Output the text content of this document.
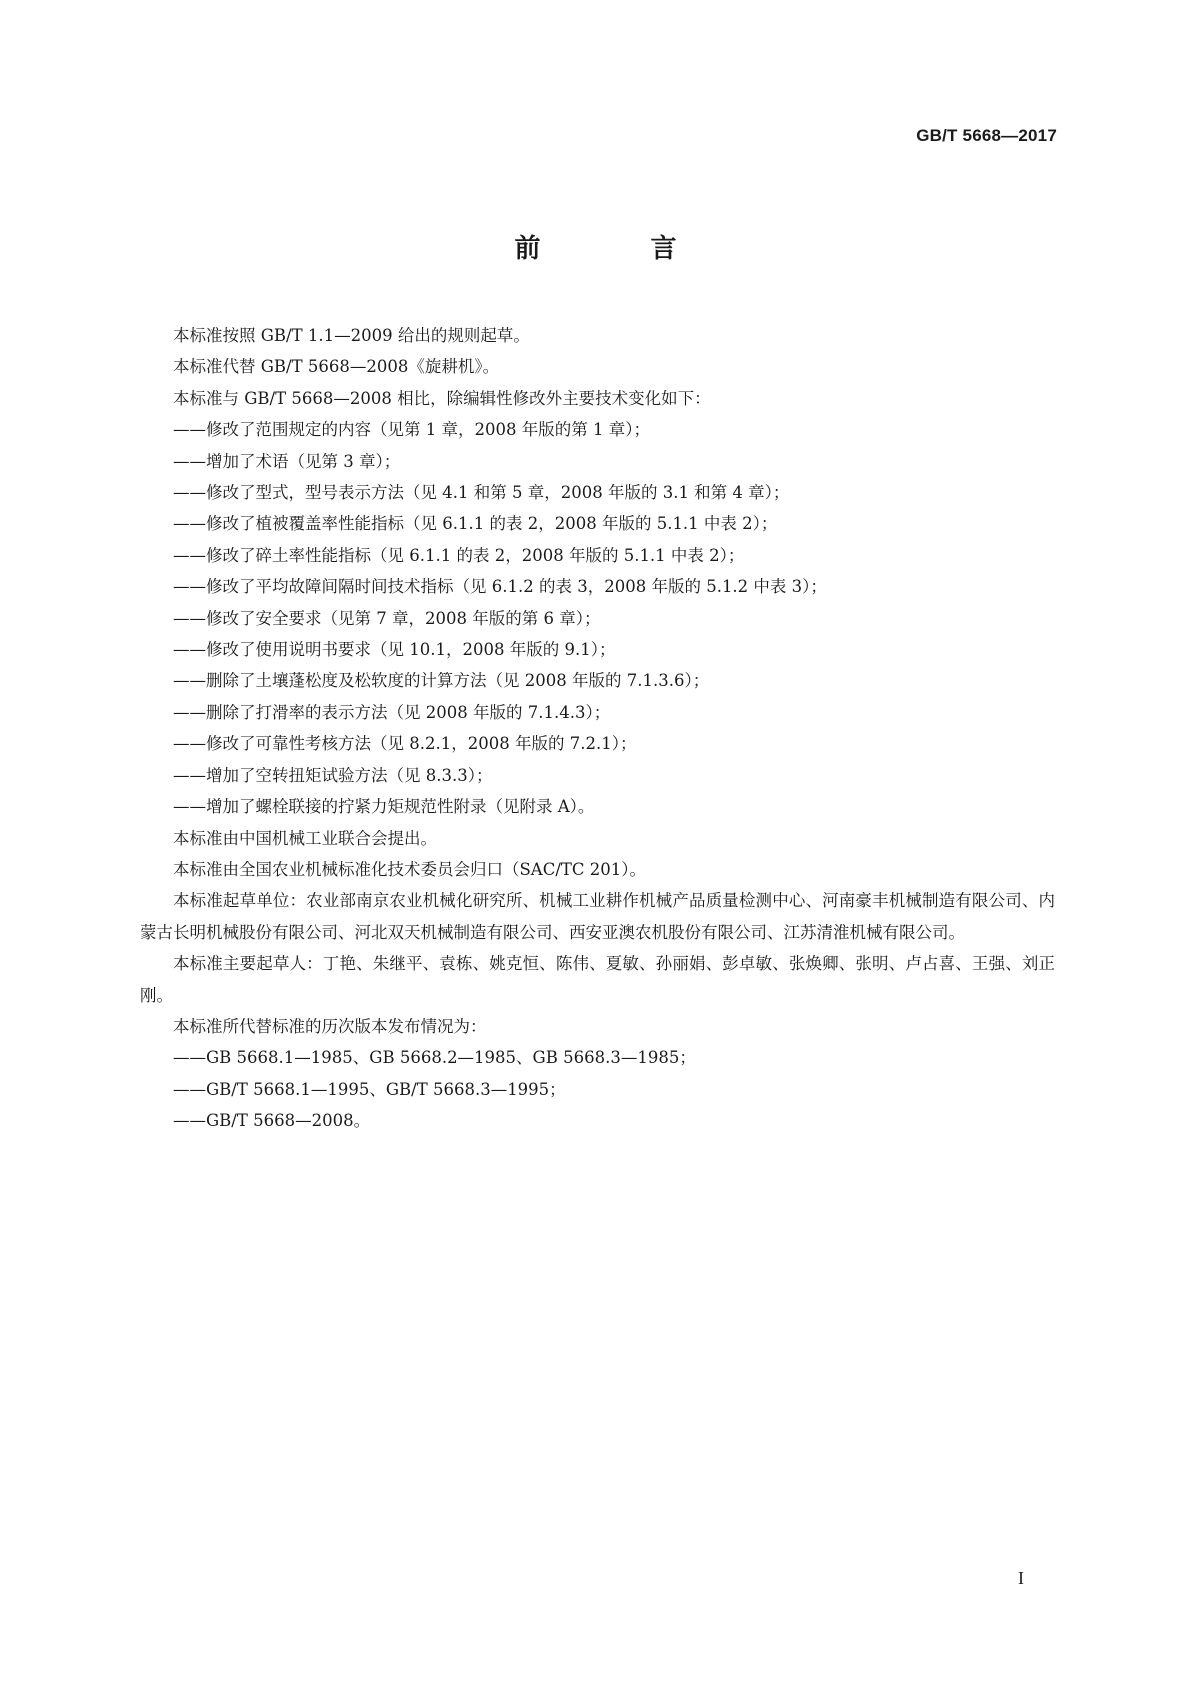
GB/T 5668—2017
前　言

本标准按照 GB/T 1.1—2009 给出的规则起草。

本标准代替 GB/T 5668—2008《旋耕机》。

本标准与 GB/T 5668—2008 相比，除编辑性修改外主要技术变化如下：

——修改了范围规定的内容（见第 1 章，2008 年版的第 1 章）；

——增加了术语（见第 3 章）；

——修改了型式，型号表示方法（见 4.1 和第 5 章，2008 年版的 3.1 和第 4 章）；

——修改了植被覆盖率性能指标（见 6.1.1 的表 2，2008 年版的 5.1.1 中表 2）；

——修改了碎土率性能指标（见 6.1.1 的表 2，2008 年版的 5.1.1 中表 2）；

——修改了平均故障间隔时间技术指标（见 6.1.2 的表 3，2008 年版的 5.1.2 中表 3）；

——修改了安全要求（见第 7 章，2008 年版的第 6 章）；

——修改了使用说明书要求（见 10.1，2008 年版的 9.1）；

——删除了土壤蓬松度及松软度的计算方法（见 2008 年版的 7.1.3.6）；

——删除了打滑率的表示方法（见 2008 年版的 7.1.4.3）；

——修改了可靠性考核方法（见 8.2.1，2008 年版的 7.2.1）；

——增加了空转扭矩试验方法（见 8.3.3）；

——增加了螺栓联接的拧紧力矩规范性附录（见附录 A）。

本标准由中国机械工业联合会提出。

本标准由全国农业机械标准化技术委员会归口（SAC/TC 201）。

本标准起草单位：农业部南京农业机械化研究所、机械工业耕作机械产品质量检测中心、河南豪丰机械制造有限公司、内蒙古长明机械股份有限公司、河北双天机械制造有限公司、西安亚澳农机股份有限公司、江苏清淮机械有限公司。

本标准主要起草人：丁艳、朱继平、袁栋、姚克恒、陈伟、夏敏、孙丽娟、彭卓敏、张焕卿、张明、卢占喜、王强、刘正刚。

本标准所代替标准的历次版本发布情况为：

——GB 5668.1—1985、GB 5668.2—1985、GB 5668.3—1985；

——GB/T 5668.1—1995、GB/T 5668.3—1995；

——GB/T 5668—2008。

I
